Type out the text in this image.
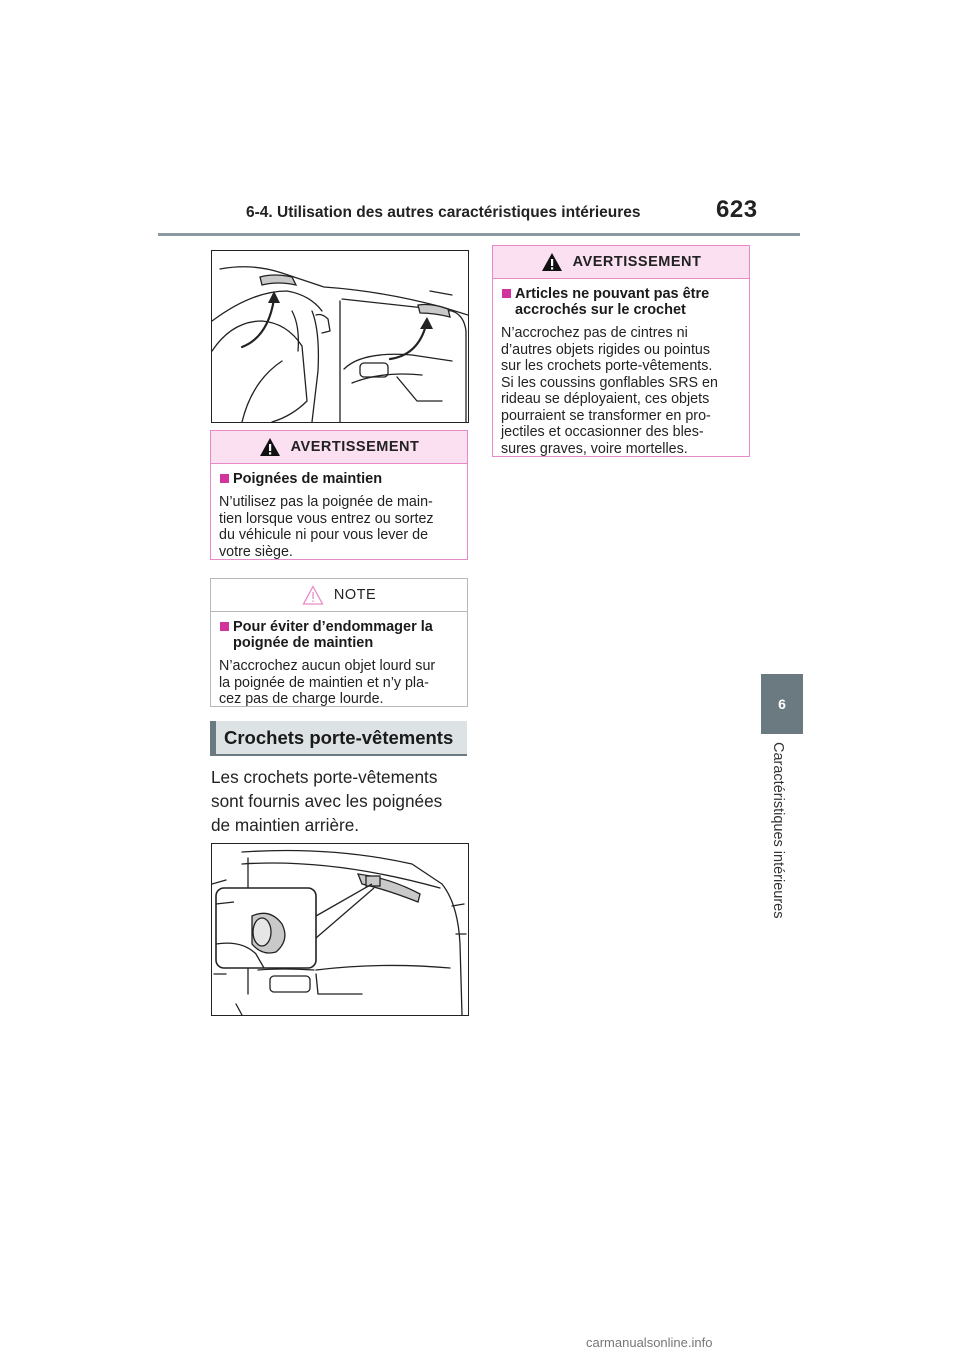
6-4. Utilisation des autres caractéristiques intérieures	623
6
Caractéristiques intérieures
AVERTISSEMENT
Poignées de maintien
N’utilisez pas la poignée de main-
tien lorsque vous entrez ou sortez
du véhicule ni pour vous lever de
votre siège.
NOTE
Pour éviter d’endommager la
poignée de maintien
N’accrochez aucun objet lourd sur
la poignée de maintien et n’y pla-
cez pas de charge lourde.
Crochets porte-vêtements
Les crochets porte-vêtements
sont fournis avec les poignées
de maintien arrière.
AVERTISSEMENT
Articles ne pouvant pas être
accrochés sur le crochet
N’accrochez pas de cintres ni
d’autres objets rigides ou pointus
sur les crochets porte-vêtements.
Si les coussins gonflables SRS en
rideau se déployaient, ces objets
pourraient se transformer en pro-
jectiles et occasionner des bles-
sures graves, voire mortelles.
carmanualsonline.info
